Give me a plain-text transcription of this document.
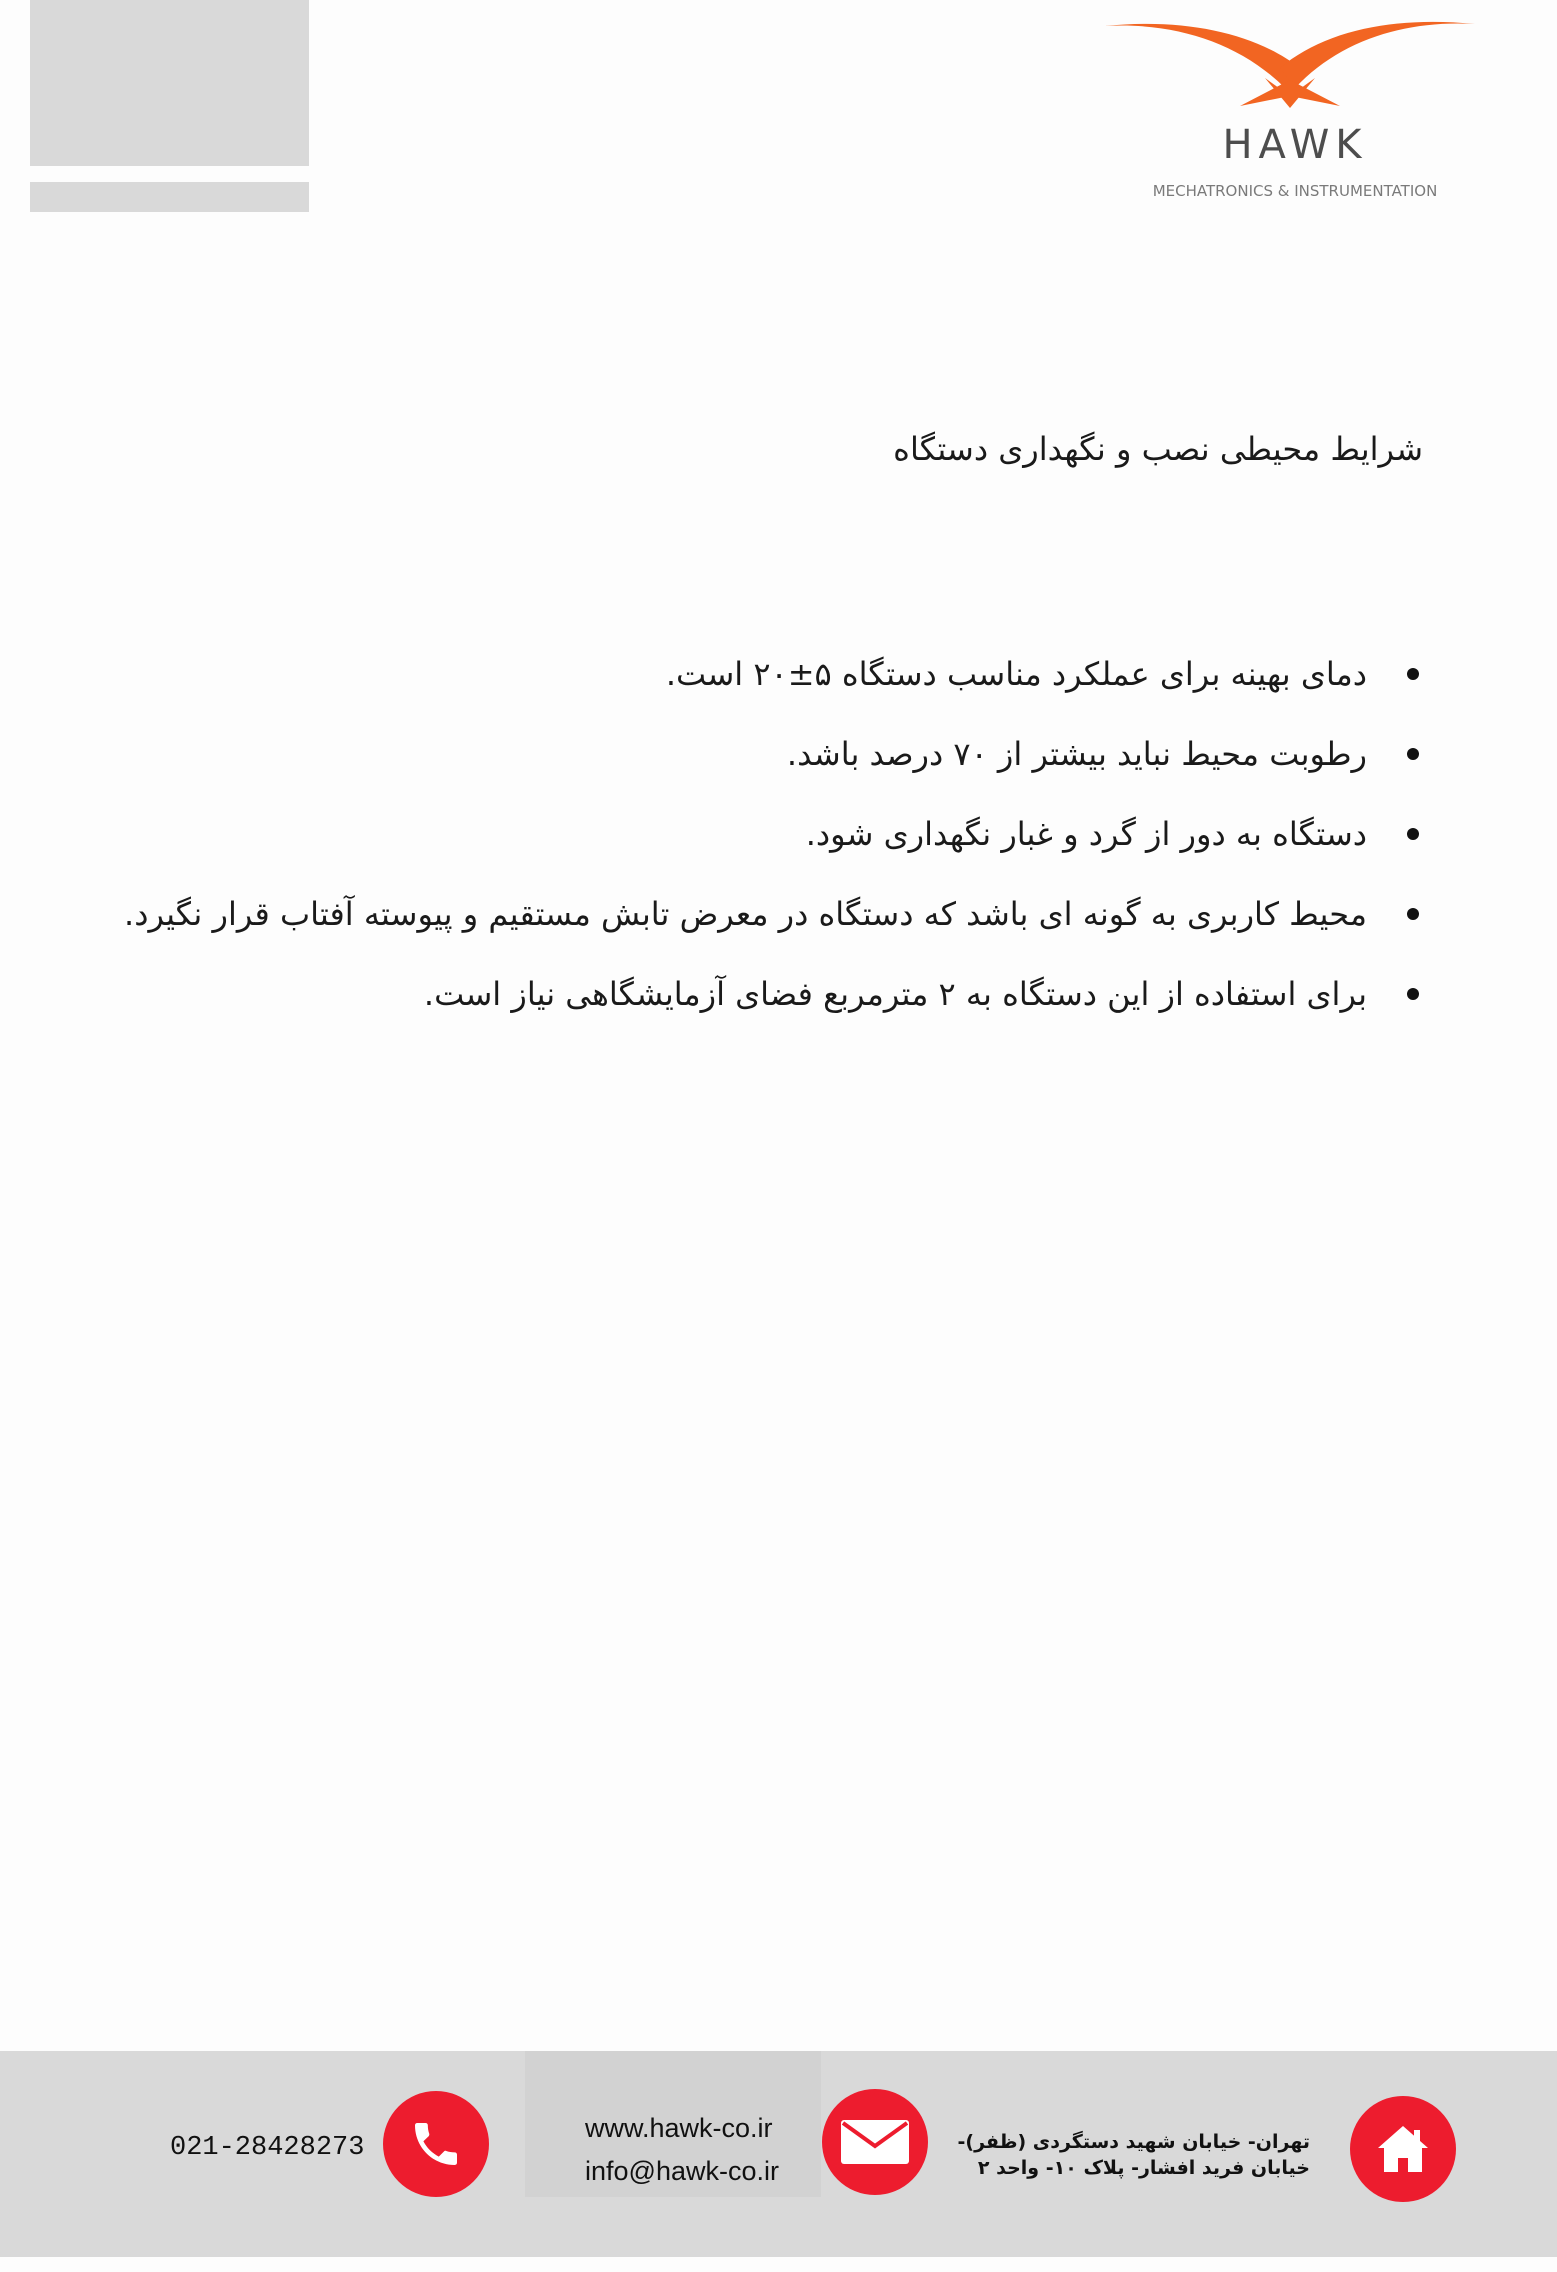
HAWK
MECHATRONICS & INSTRUMENTATION
شرایط محیطی نصب و نگهداری دستگاه
دمای بهینه برای عملکرد مناسب دستگاه ۵±۲۰ است.
رطوبت محیط نباید بیشتر از ۷۰ درصد باشد.
دستگاه به دور از گرد و غبار نگهداری شود.
محیط کاربری به گونه ای باشد که دستگاه در معرض تابش مستقیم و پیوسته آفتاب قرار نگیرد.
برای استفاده از این دستگاه به ۲ مترمربع فضای آزمایشگاهی نیاز است.
021-28428273
www.hawk-co.ir
info@hawk-co.ir
تهران- خیابان شهید دستگردی (ظفر)-
خیابان فرید افشار- پلاک ۱۰- واحد ۲
